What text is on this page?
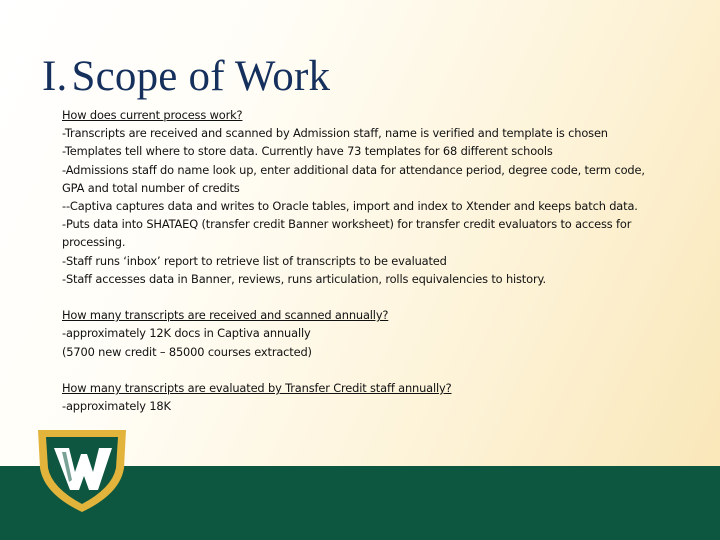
I.Scope of Work

How does current process work?

-Transcripts are received and scanned by Admission staff, name is verified and template is chosen

-Templates tell where to store data. Currently have 73 templates for 68 different schools

-Admissions staff do name look up, enter additional data for attendance period, degree code, term code, GPA and total number of credits

--Captiva captures data and writes to Oracle tables, import and index to Xtender and keeps batch data.

-Puts data into SHATAEQ (transfer credit Banner worksheet) for transfer credit evaluators to access for processing.

-Staff runs ‘inbox’ report to retrieve list of transcripts to be evaluated

-Staff accesses data in Banner, reviews, runs articulation, rolls equivalencies to history.

How many transcripts are received and scanned annually?

-approximately 12K docs in Captiva annually

(5700 new credit – 85000 courses extracted)

How many transcripts are evaluated by Transfer Credit staff annually?

-approximately 18K
